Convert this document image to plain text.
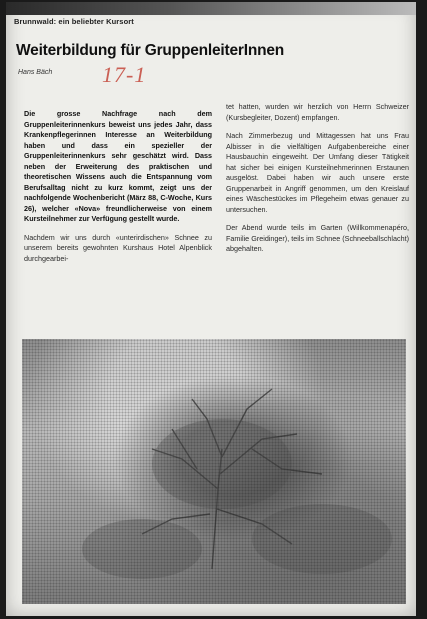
Brunnwald: ein beliebter Kursort
Weiterbildung für GruppenleiterInnen
Hans Bäch	17-1

Die grosse Nachfrage nach dem Gruppenleiterinnenkurs beweist uns jedes Jahr, dass Krankenpflegerinnen Interesse an Weiterbildung haben und dass ein spezieller der Gruppenleiterinnenkurs sehr geschätzt wird. Dass neben der Erweiterung des praktischen und theoretischen Wissens auch die Entspannung vom Berufsalltag nicht zu kurz kommt, zeigt uns der nachfolgende Wochenbericht (März 88, C-Woche, Kurs 26), welcher «Nova» freundlicherweise von einem Kursteilnehmer zur Verfügung gestellt wurde.

Nachdem wir uns durch «unterirdischen» Schnee zu unserem bereits gewohnten Kurshaus Hotel Alpenblick durchgearbei-

tet hatten, wurden wir herzlich von Herrn Schweizer (Kursbegleiter, Dozent) empfangen.

Nach Zimmerbezug und Mittagessen hat uns Frau Albisser in die vielfältigen Aufgabenbereiche einer Hausbauchin eingeweiht. Der Umfang dieser Tätigkeit hat sicher bei einigen Kursteilnehmerinnen Erstaunen ausgelöst. Dabei haben wir auch unsere erste Gruppenarbeit in Angriff genommen, um den Kreislauf eines Wäschestückes im Pflegeheim etwas genauer zu untersuchen.

Der Abend wurde teils im Garten (Willkommenapéro, Familie Greidinger), teils im Schnee (Schneeballschlacht) abgehalten.
